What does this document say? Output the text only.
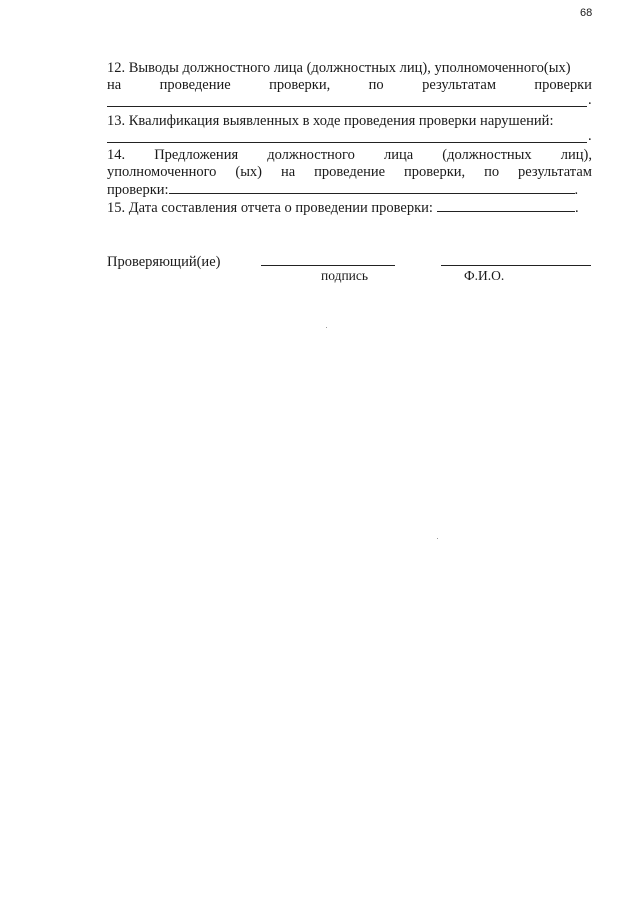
68
12. Выводы должностного лица (должностных лиц), уполномоченного(ых)
на	проведение	проверки,	по	результатам	проверки
.
13. Квалификация выявленных в ходе проведения проверки нарушений:
.
14. Предложения должностного лица (должностных лиц),
уполномоченного (ых) на проведение проверки, по результатам
проверки:	.
15. Дата составления отчета о проведении проверки:	.
Проверяющий(ие)
подпись	Ф.И.О.
